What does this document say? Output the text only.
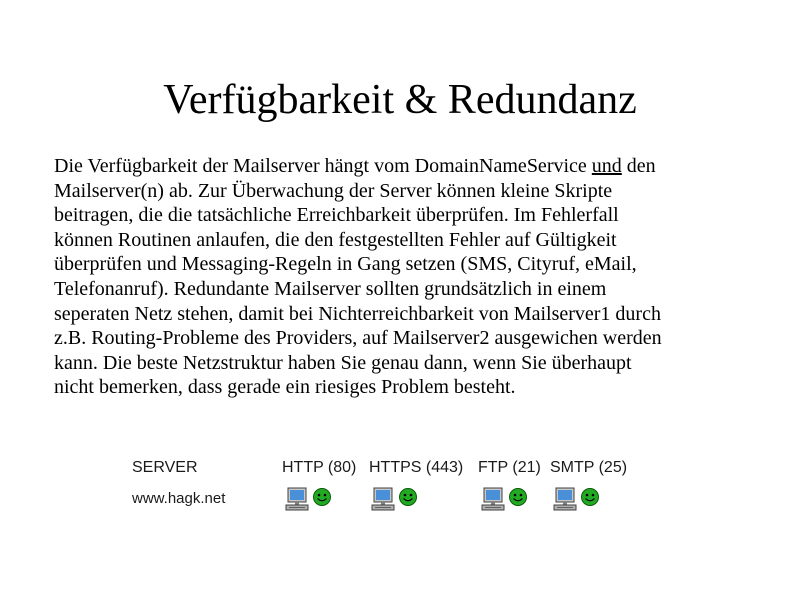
Verfügbarkeit & Redundanz
Die Verfügbarkeit der Mailserver hängt vom DomainNameService und den
Mailserver(n) ab. Zur Überwachung der Server können kleine Skripte
beitragen, die die tatsächliche Erreichbarkeit überprüfen. Im Fehlerfall
können Routinen anlaufen, die den festgestellten Fehler auf Gültigkeit
überprüfen und Messaging-Regeln in Gang setzen (SMS, Cityruf, eMail,
Telefonanruf). Redundante Mailserver sollten grundsätzlich in einem
seperaten Netz stehen, damit bei Nichterreichbarkeit von Mailserver1 durch
z.B. Routing-Probleme des Providers, auf Mailserver2 ausgewichen werden
kann. Die beste Netzstruktur haben Sie genau dann, wenn Sie überhaupt
nicht bemerken, dass gerade ein riesiges Problem besteht.
SERVER
www.hagk.net
HTTP (80) HTTPS (443) FTP (21) SMTP (25)
